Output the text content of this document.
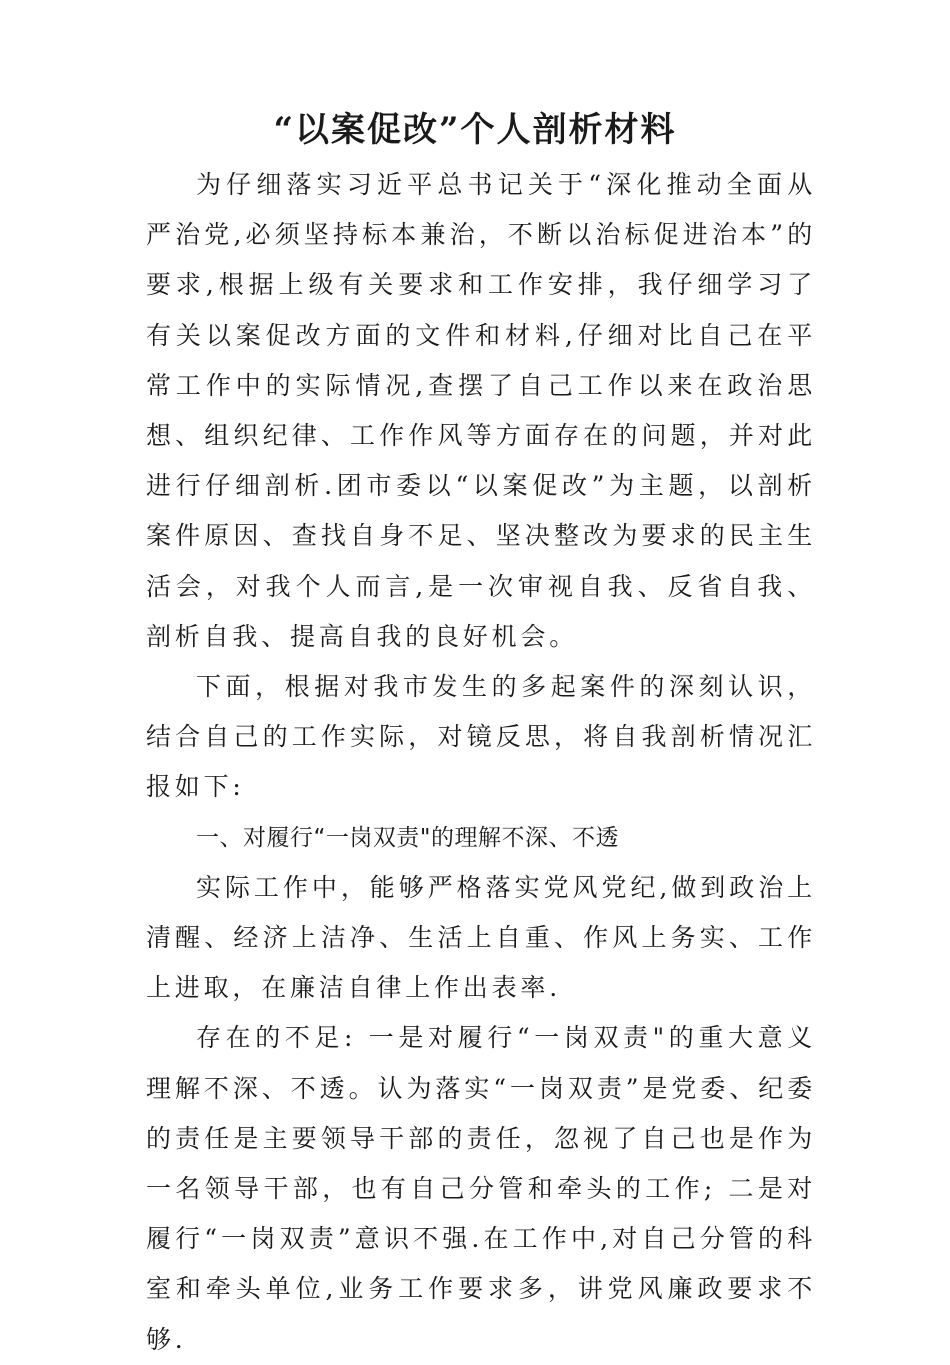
“以案促改”个人剖析材料

为仔细落实习近平总书记关于“深化推动全面从严治党,必须坚持标本兼治，不断以治标促进治本”的要求,根据上级有关要求和工作安排，我仔细学习了有关以案促改方面的文件和材料,仔细对比自己在平常工作中的实际情况,查摆了自己工作以来在政治思想、组织纪律、工作作风等方面存在的问题，并对此进行仔细剖析.团市委以“以案促改”为主题，以剖析案件原因、查找自身不足、坚决整改为要求的民主生活会，对我个人而言,是一次审视自我、反省自我、剖析自我、提高自我的良好机会。

下面，根据对我市发生的多起案件的深刻认识，结合自己的工作实际，对镜反思，将自我剖析情况汇报如下:

一、对履行“一岗双责"的理解不深、不透

实际工作中，能够严格落实党风党纪,做到政治上清醒、经济上洁净、生活上自重、作风上务实、工作上进取，在廉洁自律上作出表率.

存在的不足: 一是对履行“一岗双责"的重大意义理解不深、不透。认为落实“一岗双责”是党委、纪委的责任是主要领导干部的责任，忽视了自己也是作为一名领导干部，也有自己分管和牵头的工作; 二是对履行“一岗双责”意识不强.在工作中,对自己分管的科室和牵头单位,业务工作要求多，讲党风廉政要求不够.
